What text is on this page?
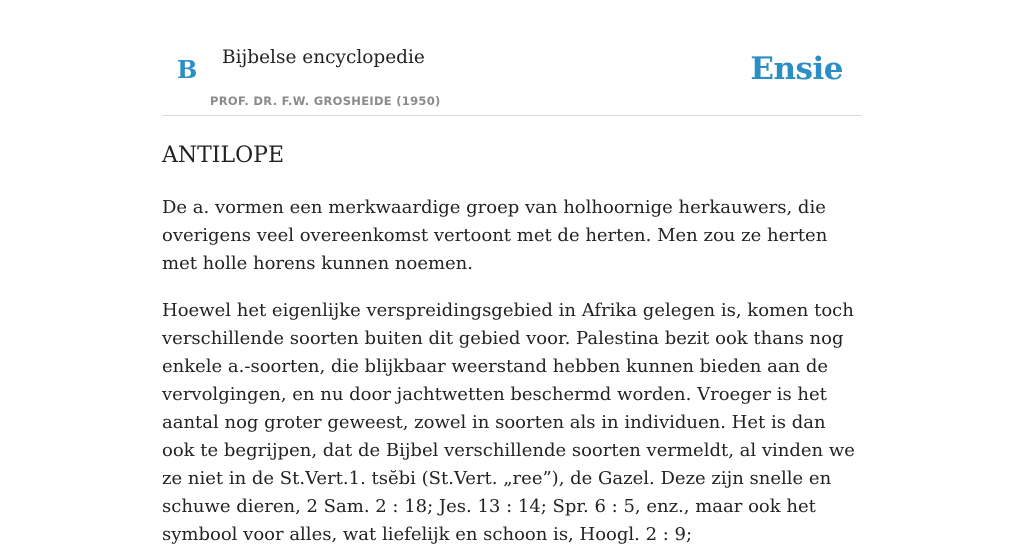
B Bijbelse encyclopedie
PROF. DR. F.W. GROSHEIDE (1950)
Ensie
ANTILOPE

De a. vormen een merkwaardige groep van holhoornige herkauwers, die overigens veel overeenkomst vertoont met de herten. Men zou ze herten met holle horens kunnen noemen.

Hoewel het eigenlijke verspreidingsgebied in Afrika gelegen is, komen toch verschillende soorten buiten dit gebied voor. Palestina bezit ook thans nog enkele a.-soorten, die blijkbaar weerstand hebben kunnen bieden aan de vervolgingen, en nu door jachtwetten beschermd worden. Vroeger is het aantal nog groter geweest, zowel in soorten als in individuen. Het is dan ook te begrijpen, dat de Bijbel verschillende soorten vermeldt, al vinden we ze niet in de St.Vert.1. tsĕbi (St.Vert. „ree”), de Gazel. Deze zijn snelle en schuwe dieren, 2 Sam. 2 : 18; Jes. 13 : 14; Spr. 6 : 5, enz., maar ook het symbool voor alles, wat liefelijk en schoon is, Hoogl. 2 : 9;
